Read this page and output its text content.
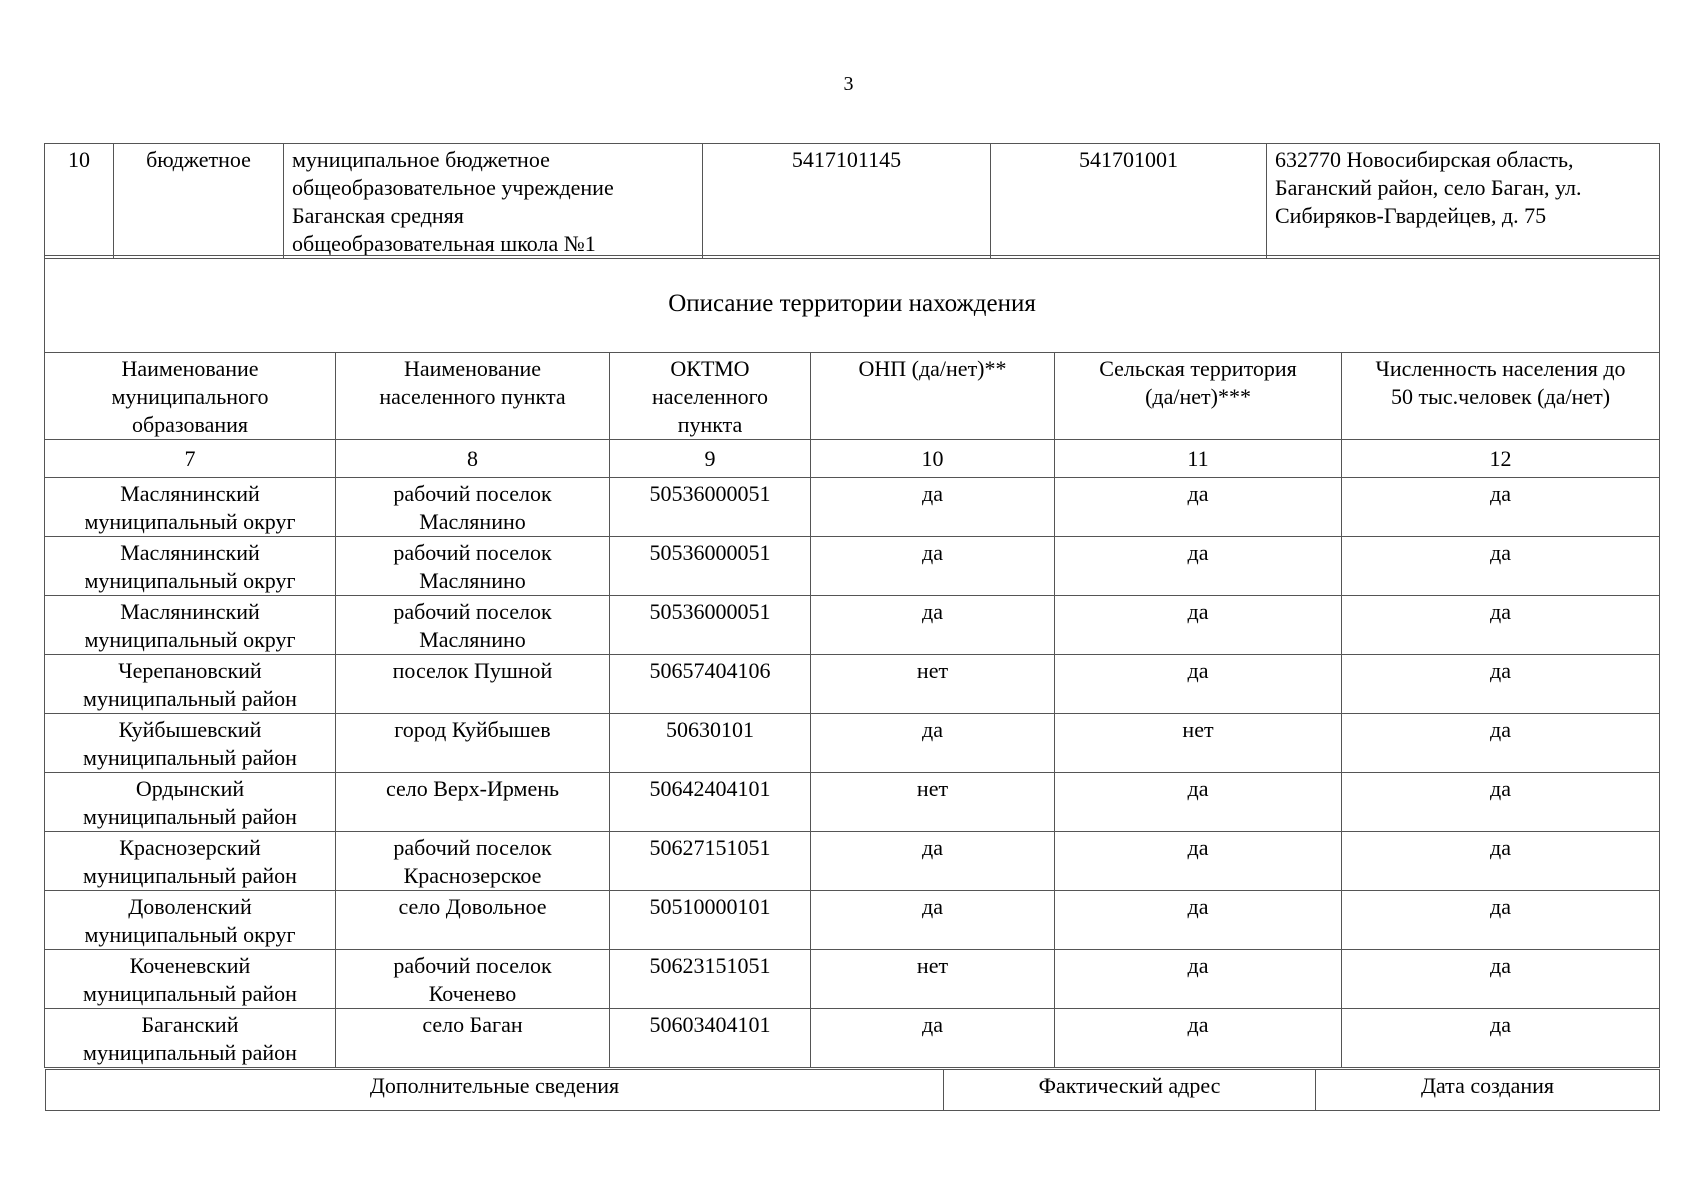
3
10	бюджетное	муниципальное бюджетное
общеобразовательное учреждение
Баганская средняя
общеобразовательная школа №1	5417101145	541701001	632770 Новосибирская область,
Баганский район, село Баган, ул.
Сибиряков-Гвардейцев, д. 75
Описание территории нахождения					
Наименование
муниципального
образования	Наименование
населенного пункта	ОКТМО
населенного
пункта	ОНП (да/нет)**	Сельская территория
(да/нет)***	Численность населения до
50 тыс.человек (да/нет)
7	8	9	10	11	12
Маслянинский
муниципальный округ	рабочий поселок
Маслянино	50536000051	да	да	да
Маслянинский
муниципальный округ	рабочий поселок
Маслянино	50536000051	да	да	да
Маслянинский
муниципальный округ	рабочий поселок
Маслянино	50536000051	да	да	да
Черепановский
муниципальный район	поселок Пушной	50657404106	нет	да	да
Куйбышевский
муниципальный район	город Куйбышев	50630101	да	нет	да
Ордынский
муниципальный район	село Верх-Ирмень	50642404101	нет	да	да
Краснозерский
муниципальный район	рабочий поселок
Краснозерское	50627151051	да	да	да
Доволенский
муниципальный округ	село Довольное	50510000101	да	да	да
Коченевский
муниципальный район	рабочий поселок
Коченево	50623151051	нет	да	да
Баганский
муниципальный район	село Баган	50603404101	да	да	да
Дополнительные сведения	Фактический адрес	Дата создания
